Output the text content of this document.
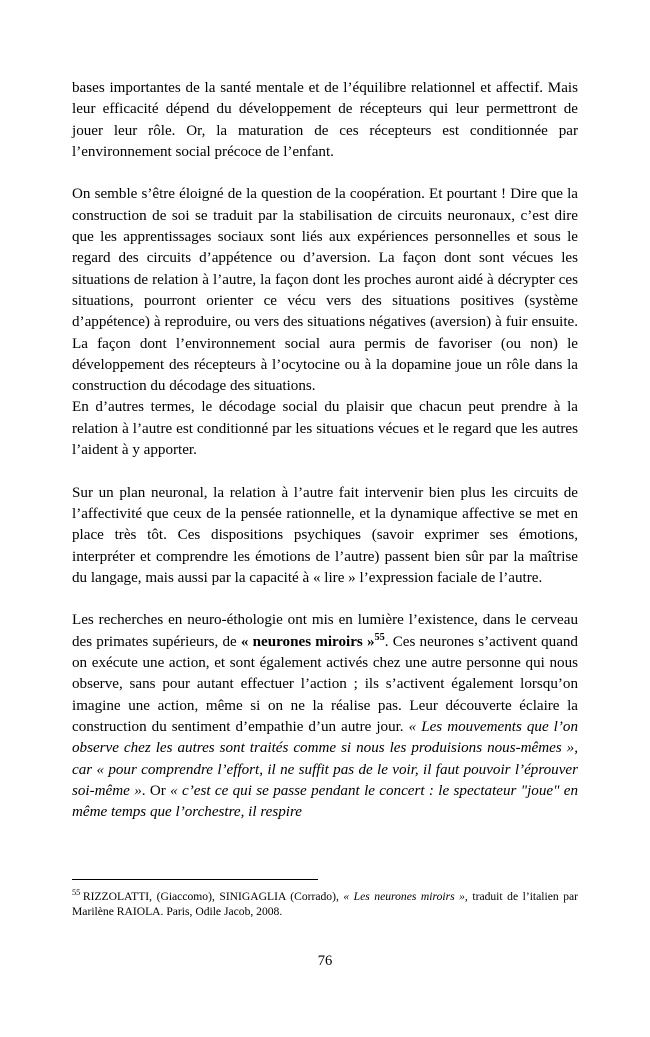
bases importantes de la santé mentale et de l’équilibre relationnel et affectif. Mais leur efficacité dépend du développement de récepteurs qui leur permettront de jouer leur rôle. Or, la maturation de ces récepteurs est conditionnée par l’environnement social précoce de l’enfant.

On semble s’être éloigné de la question de la coopération. Et pourtant ! Dire que la construction de soi se traduit par la stabilisation de circuits neuronaux, c’est dire que les apprentissages sociaux sont liés aux expériences personnelles et sous le regard des circuits d’appétence ou d’aversion. La façon dont sont vécues les situations de relation à l’autre, la façon dont les proches auront aidé à décrypter ces situations, pourront orienter ce vécu vers des situations positives (système d’appétence) à reproduire, ou vers des situations négatives (aversion) à fuir ensuite. La façon dont l’environnement social aura permis de favoriser (ou non) le développement des récepteurs à l’ocytocine ou à la dopamine joue un rôle dans la construction du décodage des situations.

En d’autres termes, le décodage social du plaisir que chacun peut prendre à la relation à l’autre est conditionné par les situations vécues et le regard que les autres l’aident à y apporter.

Sur un plan neuronal, la relation à l’autre fait intervenir bien plus les circuits de l’affectivité que ceux de la pensée rationnelle, et la dynamique affective se met en place très tôt. Ces dispositions psychiques (savoir exprimer ses émotions, interpréter et comprendre les émotions de l’autre) passent bien sûr par la maîtrise du langage, mais aussi par la capacité à « lire » l’expression faciale de l’autre.

Les recherches en neuro-éthologie ont mis en lumière l’existence, dans le cerveau des primates supérieurs, de « neurones miroirs »$^{55}$. Ces neurones s’activent quand on exécute une action, et sont également activés chez une autre personne qui nous observe, sans pour autant effectuer l’action ; ils s’activent également lorsqu’on imagine une action, même si on ne la réalise pas. Leur découverte éclaire la construction du sentiment d’empathie d’un autre jour. « Les mouvements que l’on observe chez les autres sont traités comme si nous les produisions nous-mêmes », car « pour comprendre l’effort, il ne suffit pas de le voir, il faut pouvoir l’éprouver soi-même ». Or « c’est ce qui se passe pendant le concert : le spectateur "joue" en même temps que l’orchestre, il respire

$^{55}$ RIZZOLATTI, (Giaccomo), SINIGAGLIA (Corrado), « Les neurones miroirs », traduit de l’italien par Marilène RAIOLA. Paris, Odile Jacob, 2008.

76
